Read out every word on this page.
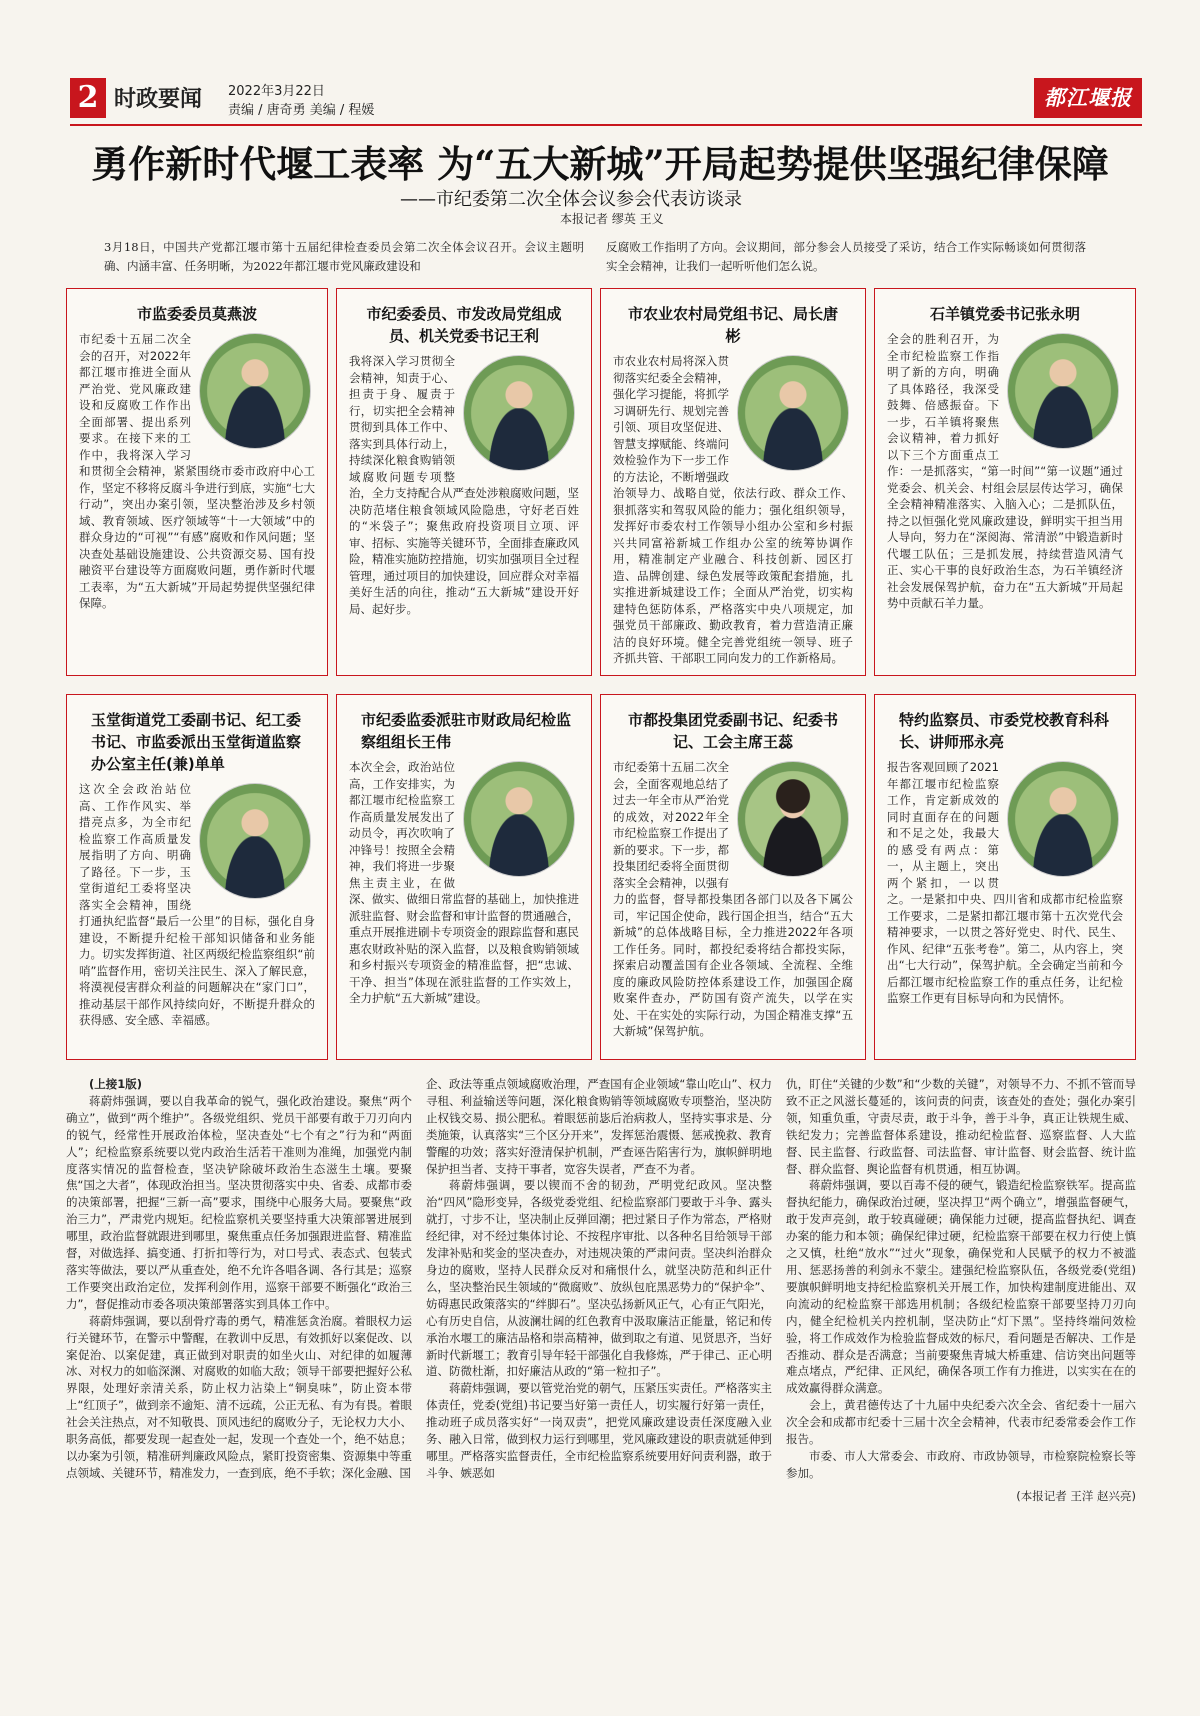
2 时政要闻 2022年3月22日
责编 / 唐奇勇 美编 / 程媛
都江堰报
勇作新时代堰工表率 为“五大新城”开局起势提供坚强纪律保障
——市纪委第二次全体会议参会代表访谈录
本报记者 缪英 王义
3月18日，中国共产党都江堰市第十五届纪律检查委员会第二次全体会议召开。会议主题明确、内涵丰富、任务明晰，为2022年都江堰市党风廉政建设和
反腐败工作指明了方向。会议期间，部分参会人员接受了采访，结合工作实际畅谈如何贯彻落实全会精神，让我们一起听听他们怎么说。
市监委委员莫燕波
市纪委十五届二次全会的召开，对2022年都江堰市推进全面从严治党、党风廉政建设和反腐败工作作出全面部署、提出系列要求。在接下来的工作中，我将深入学习和贯彻全会精神，紧紧围绕市委市政府中心工作，坚定不移将反腐斗争进行到底，实施“七大行动”，突出办案引领，坚决整治涉及乡村领域、教育领域、医疗领域等“十一大领域”中的群众身边的“可视”“有感”腐败和作风问题；坚决查处基础设施建设、公共资源交易、国有投融资平台建设等方面腐败问题，勇作新时代堰工表率，为“五大新城”开局起势提供坚强纪律保障。
市纪委委员、市发改局党组成员、机关党委书记王利
我将深入学习贯彻全会精神，知责于心、担责于身、履责于行，切实把全会精神贯彻到具体工作中、落实到具体行动上，持续深化粮食购销领域腐败问题专项整治，全力支持配合从严查处涉粮腐败问题，坚决防范堵住粮食领域风险隐患，守好老百姓的“米袋子”；聚焦政府投资项目立项、评审、招标、实施等关键环节，全面排查廉政风险，精准实施防控措施，切实加强项目全过程管理，通过项目的加快建设，回应群众对幸福美好生活的向往，推动“五大新城”建设开好局、起好步。
市农业农村局党组书记、局长唐彬
市农业农村局将深入贯彻落实纪委全会精神，强化学习提能，将抓学习调研先行、规划完善引领、项目攻坚促进、智慧支撑赋能、终端问效检验作为下一步工作的方法论，不断增强政治领导力、战略自觉，依法行政、群众工作、狠抓落实和驾驭风险的能力；强化组织领导，发挥好市委农村工作领导小组办公室和乡村振兴共同富裕新城工作组办公室的统筹协调作用，精准制定产业融合、科技创新、园区打造、品牌创建、绿色发展等政策配套措施，扎实推进新城建设工作；全面从严治党，切实构建特色惩防体系，严格落实中央八项规定，加强党员干部廉政、勤政教育，着力营造清正廉洁的良好环境。健全完善党组统一领导、班子齐抓共管、干部职工同向发力的工作新格局。
石羊镇党委书记张永明
全会的胜利召开，为全市纪检监察工作指明了新的方向，明确了具体路径，我深受鼓舞、倍感振奋。下一步，石羊镇将聚焦会议精神，着力抓好以下三个方面重点工作：一是抓落实，“第一时间”“第一议题”通过党委会、机关会、村组会层层传达学习，确保全会精神精准落实、入脑入心；二是抓队伍，持之以恒强化党风廉政建设，鲜明实干担当用人导向，努力在“深阅海、常清淤”中锻造新时代堰工队伍；三是抓发展，持续营造风清气正、实心干事的良好政治生态，为石羊镇经济社会发展保驾护航，奋力在“五大新城”开局起势中贡献石羊力量。
玉堂街道党工委副书记、纪工委书记、市监委派出玉堂街道监察办公室主任(兼)单单
这次全会政治站位高、工作作风实、举措亮点多，为全市纪检监察工作高质量发展指明了方向、明确了路径。下一步，玉堂街道纪工委将坚决落实全会精神，围绕打通执纪监督“最后一公里”的目标，强化自身建设，不断提升纪检干部知识储备和业务能力。切实发挥街道、社区两级纪检监察组织“前哨”监督作用，密切关注民生、深入了解民意，将漠视侵害群众利益的问题解决在“家门口”，推动基层干部作风持续向好，不断提升群众的获得感、安全感、幸福感。
市纪委监委派驻市财政局纪检监察组组长王伟
本次全会，政治站位高，工作安排实，为都江堰市纪检监察工作高质量发展发出了动员令，再次吹响了冲锋号！按照全会精神，我们将进一步聚焦主责主业，在做深、做实、做细日常监督的基础上，加快推进派驻监督、财会监督和审计监督的贯通融合，重点开展推进刷卡专项资金的跟踪监督和惠民惠农财政补贴的深入监督，以及粮食购销领域和乡村振兴专项资金的精准监督，把“忠诚、干净、担当”体现在派驻监督的工作实效上，全力护航“五大新城”建设。
市都投集团党委副书记、纪委书记、工会主席王蕊
市纪委第十五届二次全会，全面客观地总结了过去一年全市从严治党的成效，对2022年全市纪检监察工作提出了新的要求。下一步，都投集团纪委将全面贯彻落实全会精神，以强有力的监督，督导都投集团各部门以及各下属公司，牢记国企使命，践行国企担当，结合“五大新城”的总体战略目标，全力推进2022年各项工作任务。同时，都投纪委将结合都投实际，探索启动覆盖国有企业各领域、全流程、全维度的廉政风险防控体系建设工作，加强国企腐败案件查办，严防国有资产流失，以学在实处、干在实处的实际行动，为国企精准支撑“五大新城”保驾护航。
特约监察员、市委党校教育科科长、讲师邢永亮
报告客观回顾了2021年都江堰市纪检监察工作，肯定新成效的同时直面存在的问题和不足之处，我最大的感受有两点：第一，从主题上，突出两个紧扣，一以贯之。一是紧扣中央、四川省和成都市纪检监察工作要求，二是紧扣都江堰市第十五次党代会精神要求，一以贯之答好党史、时代、民生、作风、纪律“五张考卷”。第二，从内容上，突出“七大行动”，保驾护航。全会确定当前和今后都江堰市纪检监察工作的重点任务，让纪检监察工作更有目标导向和为民情怀。
(上接1版)

蒋蔚炜强调，要以自我革命的锐气，强化政治建设。聚焦“两个确立”，做到“两个维护”。各级党组织、党员干部要有敢于刀刃向内的锐气，经常性开展政治体检，坚决查处“七个有之”行为和“两面人”；纪检监察系统要以党内政治生活若干准则为准绳，加强党内制度落实情况的监督检查，坚决铲除破坏政治生态滋生土壤。要聚焦“国之大者”，体现政治担当。坚决贯彻落实中央、省委、成都市委的决策部署，把握“三新一高”要求，围绕中心服务大局。要聚焦“政治三力”，严肃党内规矩。纪检监察机关要坚持重大决策部署进展到哪里，政治监督就跟进到哪里，聚焦重点任务加强跟进监督、精准监督，对做选择、搞变通、打折扣等行为，对口号式、表态式、包装式落实等做法，要以严从重查处，绝不允许各唱各调、各行其是；巡察工作要突出政治定位，发挥利剑作用，巡察干部要不断强化“政治三力”，督促推动市委各项决策部署落实到具体工作中。

蒋蔚炜强调，要以刮骨疗毒的勇气，精准惩贪治腐。着眼权力运行关键环节，在警示中警醒，在教训中反思，有效抓好以案促改、以案促治、以案促建，真正做到对职责的如坐火山、对纪律的如履薄冰、对权力的如临深渊、对腐败的如临大敌；领导干部要把握好公私界限，处理好亲清关系，防止权力沾染上“铜臭味”，防止资本带上“红顶子”，做到亲不逾矩、清不远疏，公正无私、有为有畏。着眼社会关注热点，对不知敬畏、顶风违纪的腐败分子，无论权力大小、职务高低，都要发现一起查处一起，发现一个查处一个，绝不姑息；以办案为引领，精准研判廉政风险点，紧盯投资密集、资源集中等重点领域、关键环节，精准发力，一查到底，绝不手软；深化金融、国

企、政法等重点领域腐败治理，严查国有企业领域“靠山吃山”、权力寻租、利益输送等问题，深化粮食购销等领域腐败专项整治，坚决防止权钱交易、损公肥私。着眼惩前毖后治病救人，坚持实事求是、分类施策，认真落实“三个区分开来”，发挥惩治震慑、惩戒挽救、教育警醒的功效；落实好澄清保护机制，严查诬告陷害行为，旗帜鲜明地保护担当者、支持干事者，宽容失误者，严查不为者。

蒋蔚炜强调，要以锲而不舍的韧劲，严明党纪政风。坚决整治“四风”隐形变异，各级党委党组、纪检监察部门要敢于斗争、露头就打，寸步不让，坚决制止反弹回潮；把过紧日子作为常态，严格财经纪律，对不经过集体讨论、不按程序审批、以各种名目给领导干部发津补贴和奖金的坚决查办，对违规决策的严肃问责。坚决纠治群众身边的腐败，坚持人民群众反对和痛恨什么，就坚决防范和纠正什么，坚决整治民生领域的“微腐败”、放纵包庇黑恶势力的“保护伞”、妨碍惠民政策落实的“绊脚石”。坚决弘扬新风正气，心有正气阳光，心有历史自信，从波澜壮阔的红色教育中汲取廉洁正能量，铭记和传承治水堰工的廉洁品格和崇高精神，做到取之有道、见贤思齐，当好新时代新堰工；教育引导年轻干部强化自我修炼，严于律己、正心明道、防微杜渐，扣好廉洁从政的“第一粒扣子”。

蒋蔚炜强调，要以管党治党的朝气，压紧压实责任。严格落实主体责任，党委(党组)书记要当好第一责任人，切实履行好第一责任，推动班子成员落实好“一岗双责”，把党风廉政建设责任深度融入业务、融入日常，做到权力运行到哪里，党风廉政建设的职责就延伸到哪里。严格落实监督责任，全市纪检监察系统要用好问责利器，敢于斗争、嫉恶如

仇，盯住“关键的少数”和“少数的关键”，对领导不力、不抓不管而导致不正之风滋长蔓延的，该问责的问责，该查处的查处；强化办案引领，知重负重，守责尽责，敢于斗争，善于斗争，真正让铁规生威、铁纪发力；完善监督体系建设，推动纪检监督、巡察监督、人大监督、民主监督、行政监督、司法监督、审计监督、财会监督、统计监督、群众监督、舆论监督有机贯通，相互协调。

蒋蔚炜强调，要以百毒不侵的硬气，锻造纪检监察铁军。提高监督执纪能力，确保政治过硬，坚决捍卫“两个确立”，增强监督硬气，敢于发声亮剑，敢于较真碰硬；确保能力过硬，提高监督执纪、调查办案的能力和本领；确保纪律过硬，纪检监察干部要在权力行使上慎之又慎，杜绝“放水”“过火”现象，确保党和人民赋予的权力不被滥用、惩恶扬善的利剑永不蒙尘。建强纪检监察队伍，各级党委(党组)要旗帜鲜明地支持纪检监察机关开展工作，加快构建制度进能出、双向流动的纪检监察干部选用机制；各级纪检监察干部要坚持刀刃向内，健全纪检机关内控机制，坚决防止“灯下黑”。坚持终端问效检验，将工作成效作为检验监督成效的标尺，看问题是否解决、工作是否推动、群众是否满意；当前要聚焦青城大桥重建、信访突出问题等难点堵点，严纪律、正风纪，确保各项工作有力推进，以实实在在的成效赢得群众满意。

会上，黄君德传达了十九届中央纪委六次全会、省纪委十一届六次全会和成都市纪委十三届十次全会精神，代表市纪委常委会作工作报告。

市委、市人大常委会、市政府、市政协领导，市检察院检察长等参加。

(本报记者 王洋 赵兴亮)
